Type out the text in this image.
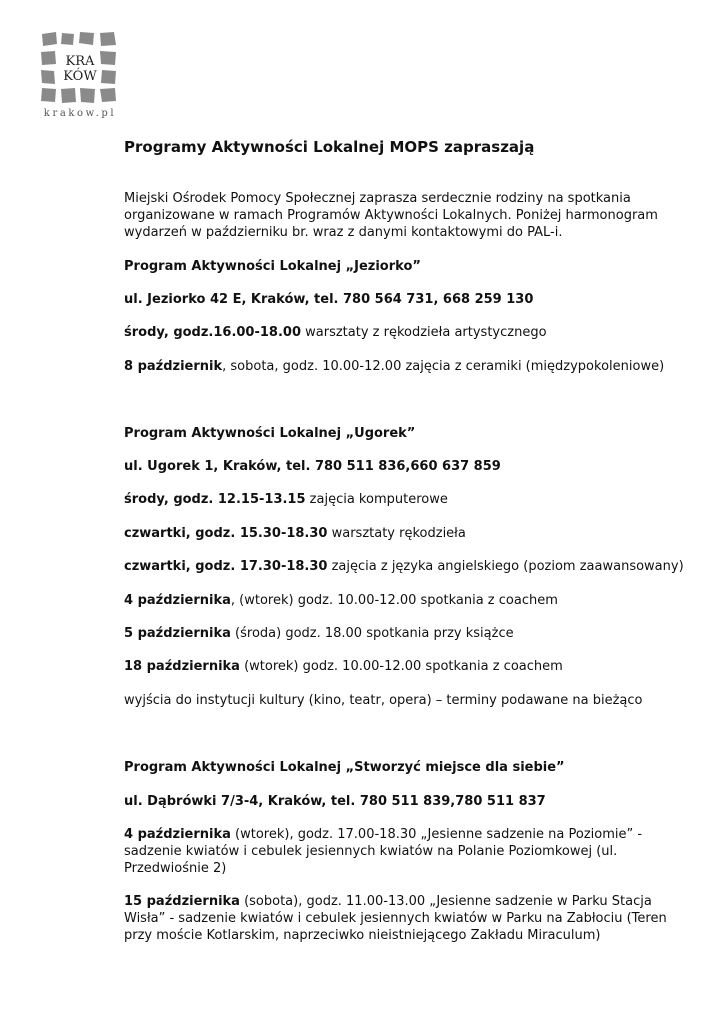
KRA
KÓW
krakow.pl
Programy Aktywności Lokalnej MOPS zapraszają
Miejski Ośrodek Pomocy Społecznej zaprasza serdecznie rodziny na spotkania
organizowane w ramach Programów Aktywności Lokalnych. Poniżej harmonogram
wydarzeń w październiku br. wraz z danymi kontaktowymi do PAL-i.
Program Aktywności Lokalnej „Jeziorko”
ul. Jeziorko 42 E, Kraków, tel. 780 564 731, 668 259 130
środy, godz.16.00-18.00 warsztaty z rękodzieła artystycznego
8 październik, sobota, godz. 10.00-12.00 zajęcia z ceramiki (międzypokoleniowe)
Program Aktywności Lokalnej „Ugorek”
ul. Ugorek 1, Kraków, tel. 780 511 836,660 637 859
środy, godz. 12.15-13.15 zajęcia komputerowe
czwartki, godz. 15.30-18.30 warsztaty rękodzieła
czwartki, godz. 17.30-18.30 zajęcia z języka angielskiego (poziom zaawansowany)
4 października, (wtorek) godz. 10.00-12.00 spotkania z coachem
5 października (środa) godz. 18.00 spotkania przy książce
18 października (wtorek) godz. 10.00-12.00 spotkania z coachem
wyjścia do instytucji kultury (kino, teatr, opera) – terminy podawane na bieżąco
Program Aktywności Lokalnej „Stworzyć miejsce dla siebie”
ul. Dąbrówki 7/3-4, Kraków, tel. 780 511 839,780 511 837
4 października (wtorek), godz. 17.00-18.30 „Jesienne sadzenie na Poziomie” -
sadzenie kwiatów i cebulek jesiennych kwiatów na Polanie Poziomkowej (ul.
Przedwiośnie 2)
15 października (sobota), godz. 11.00-13.00 „Jesienne sadzenie w Parku Stacja
Wisła” - sadzenie kwiatów i cebulek jesiennych kwiatów w Parku na Zabłociu (Teren
przy moście Kotlarskim, naprzeciwko nieistniejącego Zakładu Miraculum)
